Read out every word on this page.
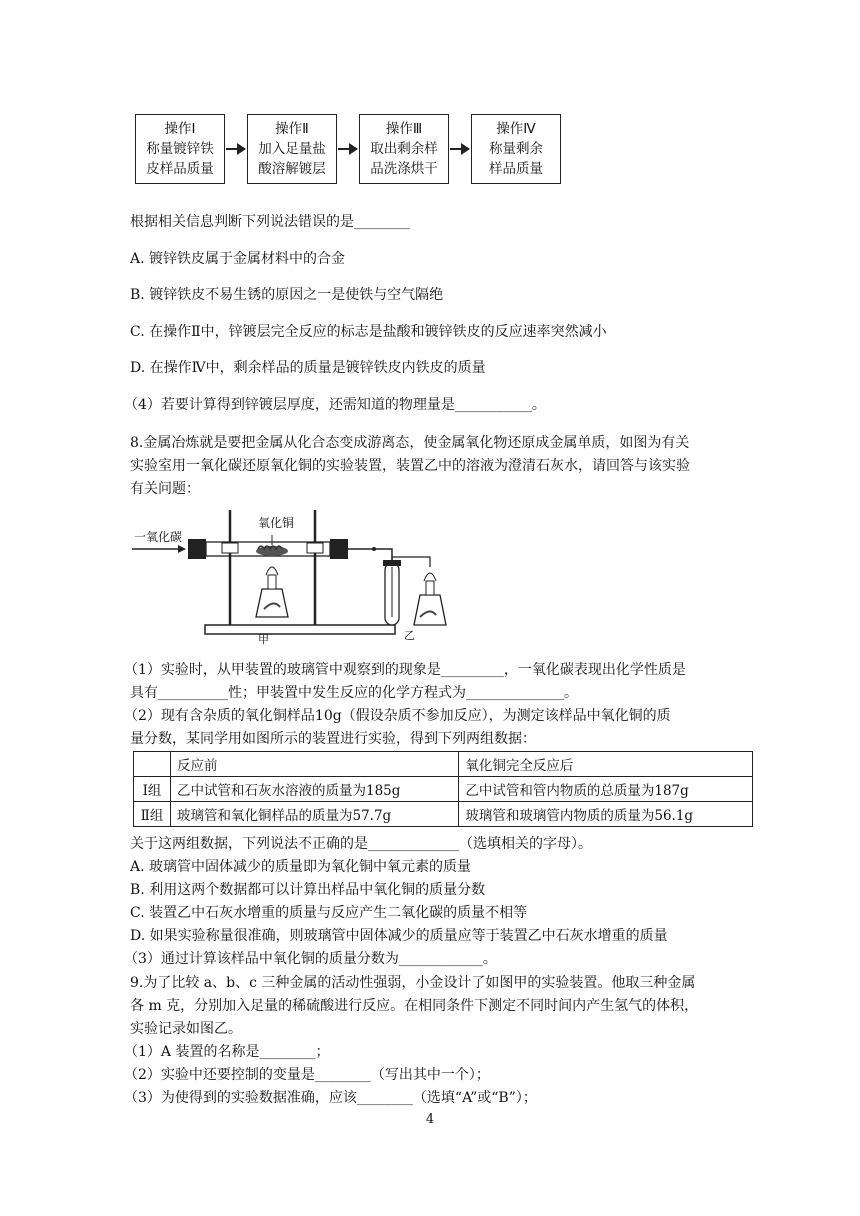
操作Ⅰ
称量镀锌铁
皮样品质量
操作Ⅱ
加入足量盐
酸溶解镀层
操作Ⅲ
取出剩余样
品洗涤烘干
操作Ⅳ
称量剩余
样品质量
根据相关信息判断下列说法错误的是________
A. 镀锌铁皮属于金属材料中的合金
B. 镀锌铁皮不易生锈的原因之一是使铁与空气隔绝
C. 在操作Ⅱ中，锌镀层完全反应的标志是盐酸和镀锌铁皮的反应速率突然减小
D. 在操作Ⅳ中，剩余样品的质量是镀锌铁皮内铁皮的质量
（4）若要计算得到锌镀层厚度，还需知道的物理量是___________。
8.金属冶炼就是要把金属从化合态变成游离态，使金属氧化物还原成金属单质，如图为有关
实验室用一氧化碳还原氧化铜的实验装置，装置乙中的溶液为澄清石灰水，请回答与该实验
有关问题：
一氧化碳
氧化铜
甲	乙
（1）实验时，从甲装置的玻璃管中观察到的现象是_________，一氧化碳表现出化学性质是
具有__________性；甲装置中发生反应的化学方程式为______________。
（2）现有含杂质的氧化铜样品10g（假设杂质不参加反应），为测定该样品中氧化铜的质
量分数，某同学用如图所示的装置进行实验，得到下列两组数据：
	反应前	氧化铜完全反应后
Ⅰ组	乙中试管和石灰水溶液的质量为185g	乙中试管和管内物质的总质量为187g
Ⅱ组	玻璃管和氧化铜样品的质量为57.7g	玻璃管和玻璃管内物质的质量为56.1g
关于这两组数据，下列说法不正确的是_____________（选填相关的字母）。
A. 玻璃管中固体减少的质量即为氧化铜中氧元素的质量
B. 利用这两个数据都可以计算出样品中氧化铜的质量分数
C. 装置乙中石灰水增重的质量与反应产生二氧化碳的质量不相等
D. 如果实验称量很准确，则玻璃管中固体减少的质量应等于装置乙中石灰水增重的质量
（3）通过计算该样品中氧化铜的质量分数为____________。
9.为了比较 a、b、c 三种金属的活动性强弱，小金设计了如图甲的实验装置。他取三种金属
各 m 克，分别加入足量的稀硫酸进行反应。在相同条件下测定不同时间内产生氢气的体积，
实验记录如图乙。
（1）A 装置的名称是________；
（2）实验中还要控制的变量是________（写出其中一个）；
（3）为使得到的实验数据准确，应该________（选填“A”或“B”）；
4
